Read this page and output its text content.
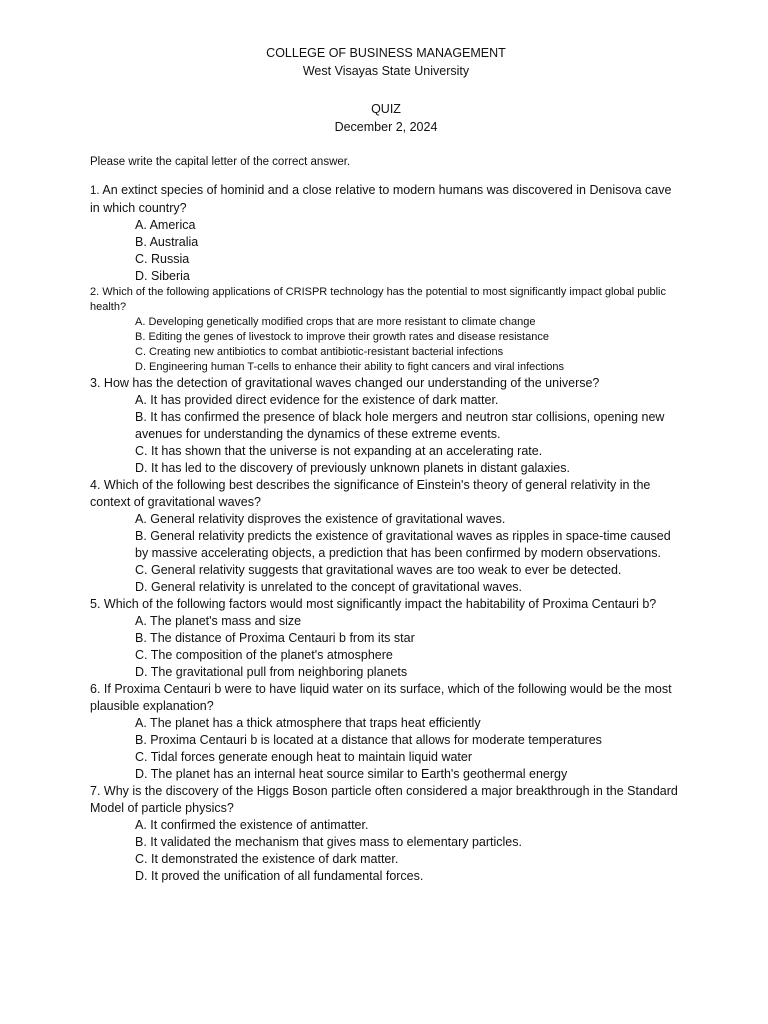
COLLEGE OF BUSINESS MANAGEMENT
West Visayas State University
QUIZ
December 2, 2024
Please write the capital letter of the correct answer.

1. An extinct species of hominid and a close relative to modern humans was discovered in Denisova cave in which country?

A. America
B. Australia
C. Russia
D. Siberia

2. Which of the following applications of CRISPR technology has the potential to most significantly impact global public health?

A. Developing genetically modified crops that are more resistant to climate change
B. Editing the genes of livestock to improve their growth rates and disease resistance
C. Creating new antibiotics to combat antibiotic-resistant bacterial infections
D. Engineering human T-cells to enhance their ability to fight cancers and viral infections

3. How has the detection of gravitational waves changed our understanding of the universe?

A. It has provided direct evidence for the existence of dark matter.
B. It has confirmed the presence of black hole mergers and neutron star collisions, opening new avenues for understanding the dynamics of these extreme events.
C. It has shown that the universe is not expanding at an accelerating rate.
D. It has led to the discovery of previously unknown planets in distant galaxies.

4. Which of the following best describes the significance of Einstein's theory of general relativity in the context of gravitational waves?

A. General relativity disproves the existence of gravitational waves.
B. General relativity predicts the existence of gravitational waves as ripples in space-time caused by massive accelerating objects, a prediction that has been confirmed by modern observations.
C. General relativity suggests that gravitational waves are too weak to ever be detected.
D. General relativity is unrelated to the concept of gravitational waves.

5. Which of the following factors would most significantly impact the habitability of Proxima Centauri b?

A. The planet's mass and size
B. The distance of Proxima Centauri b from its star
C. The composition of the planet's atmosphere
D. The gravitational pull from neighboring planets

6. If Proxima Centauri b were to have liquid water on its surface, which of the following would be the most plausible explanation?

A. The planet has a thick atmosphere that traps heat efficiently
B. Proxima Centauri b is located at a distance that allows for moderate temperatures
C. Tidal forces generate enough heat to maintain liquid water
D. The planet has an internal heat source similar to Earth's geothermal energy

7. Why is the discovery of the Higgs Boson particle often considered a major breakthrough in the Standard Model of particle physics?

A. It confirmed the existence of antimatter.
B. It validated the mechanism that gives mass to elementary particles.
C. It demonstrated the existence of dark matter.
D. It proved the unification of all fundamental forces.
